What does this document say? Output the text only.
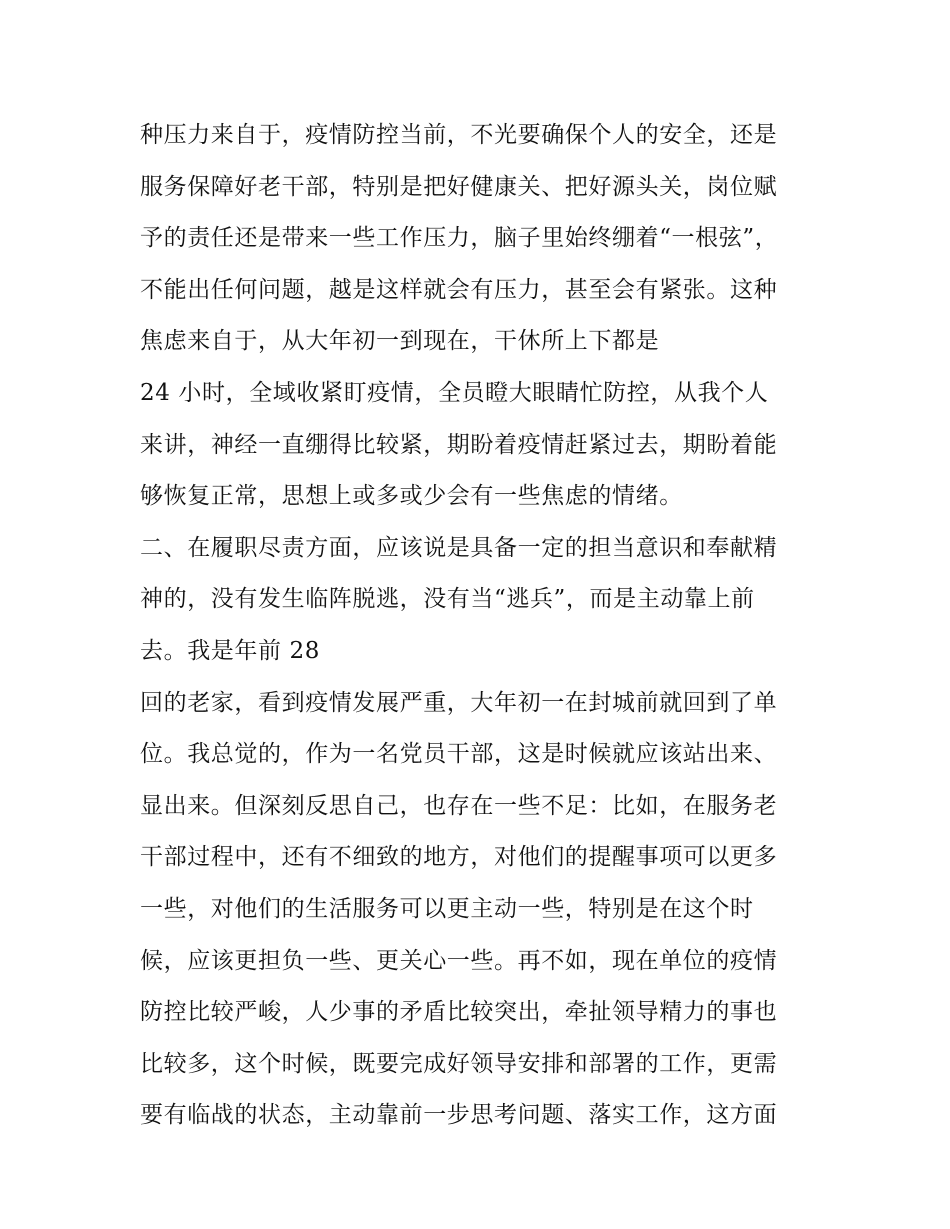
种压力来自于，疫情防控当前，不光要确保个人的安全，还是
服务保障好老干部，特别是把好健康关、把好源头关，岗位赋
予的责任还是带来一些工作压力，脑子里始终绷着“一根弦”，
不能出任何问题，越是这样就会有压力，甚至会有紧张。这种
焦虑来自于，从大年初一到现在，干休所上下都是
24 小时，全域收紧盯疫情，全员瞪大眼睛忙防控，从我个人
来讲，神经一直绷得比较紧，期盼着疫情赶紧过去，期盼着能
够恢复正常，思想上或多或少会有一些焦虑的情绪。
二、在履职尽责方面，应该说是具备一定的担当意识和奉献精
神的，没有发生临阵脱逃，没有当“逃兵”，而是主动靠上前
去。我是年前 28
回的老家，看到疫情发展严重，大年初一在封城前就回到了单
位。我总觉的，作为一名党员干部，这是时候就应该站出来、
显出来。但深刻反思自己，也存在一些不足：比如，在服务老
干部过程中，还有不细致的地方，对他们的提醒事项可以更多
一些，对他们的生活服务可以更主动一些，特别是在这个时
候，应该更担负一些、更关心一些。再不如，现在单位的疫情
防控比较严峻，人少事的矛盾比较突出，牵扯领导精力的事也
比较多，这个时候，既要完成好领导安排和部署的工作，更需
要有临战的状态，主动靠前一步思考问题、落实工作，这方面
